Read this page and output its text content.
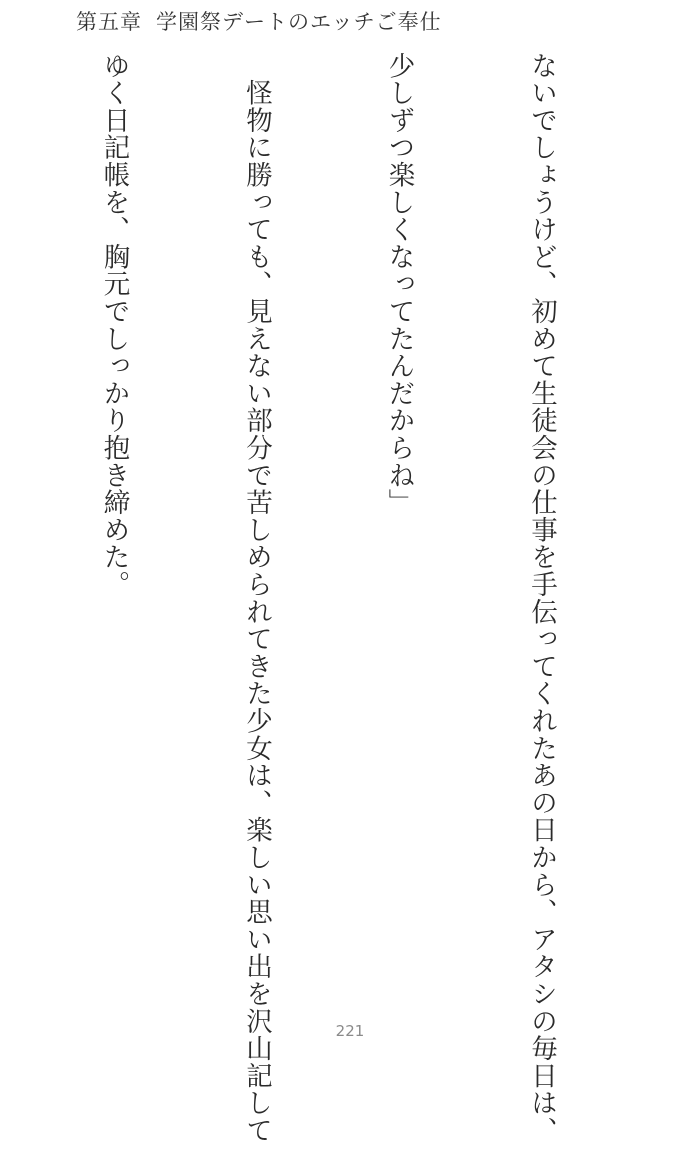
第五章 学園祭デートのエッチご奉仕

ないでしょうけど、初めて生徒会の仕事を手伝ってくれたあの日から、アタシの毎日は、

少しずつ楽しくなってたんだからね」

　怪物に勝っても、見えない部分で苦しめられてきた少女は、楽しい思い出を沢山記して

ゆく日記帳を、胸元でしっかり抱き締めた。

221
